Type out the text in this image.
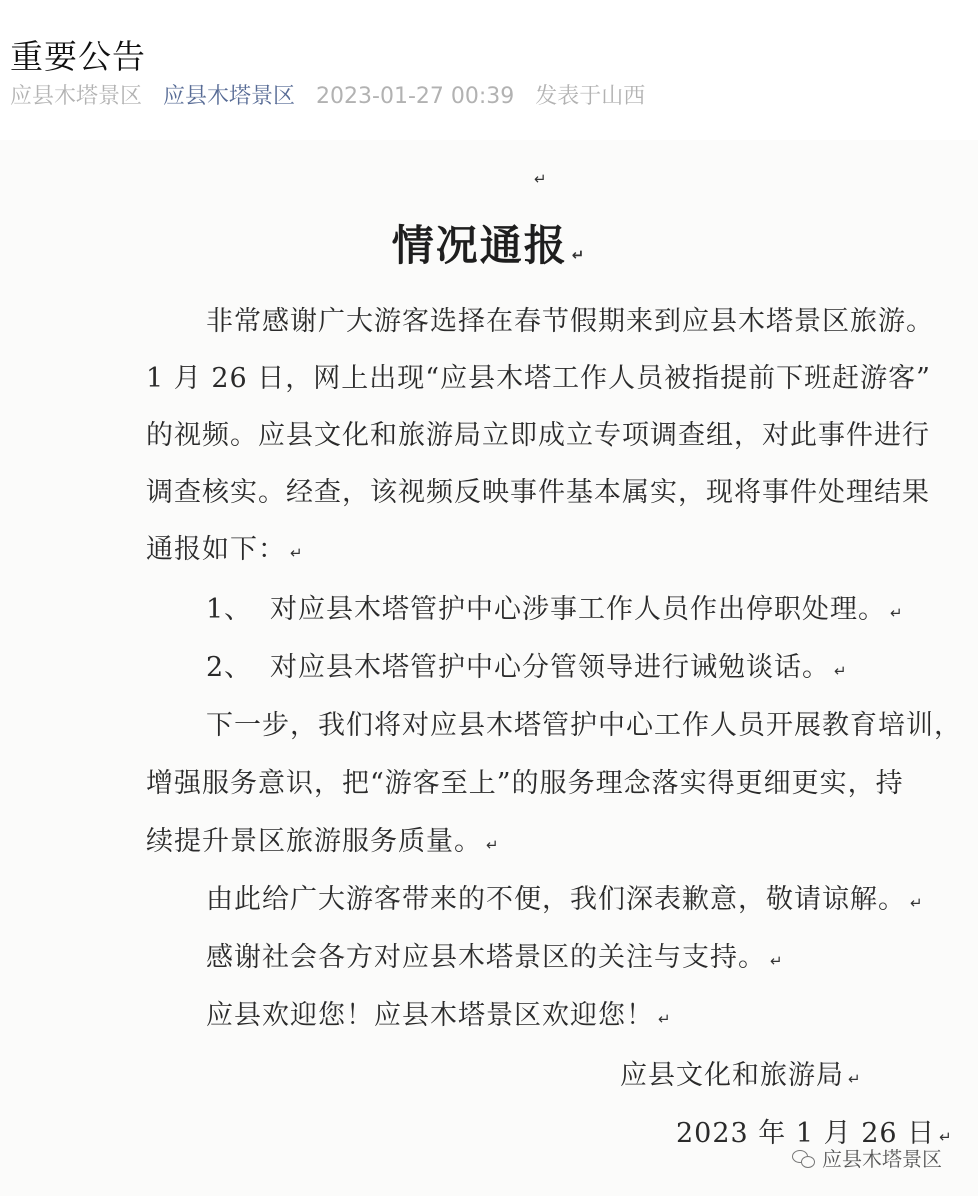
重要公告
应县木塔景区 应县木塔景区 2023-01-27 00:39 发表于山西
↵
情况通报 ↵
非常感谢广大游客选择在春节假期来到应县木塔景区旅游。
1 月 26 日，网上出现“应县木塔工作人员被指提前下班赶游客”
的视频。应县文化和旅游局立即成立专项调查组，对此事件进行
调查核实。经查，该视频反映事件基本属实，现将事件处理结果
通报如下： ↵
1、 对应县木塔管护中心涉事工作人员作出停职处理。 ↵
2、 对应县木塔管护中心分管领导进行诫勉谈话。 ↵
下一步，我们将对应县木塔管护中心工作人员开展教育培训，
增强服务意识，把“游客至上”的服务理念落实得更细更实，持
续提升景区旅游服务质量。 ↵
由此给广大游客带来的不便，我们深表歉意，敬请谅解。 ↵
感谢社会各方对应县木塔景区的关注与支持。 ↵
应县欢迎您！应县木塔景区欢迎您！ ↵
应县文化和旅游局 ↵
2023 年 1 月 26 日 ↵
应县木塔景区
